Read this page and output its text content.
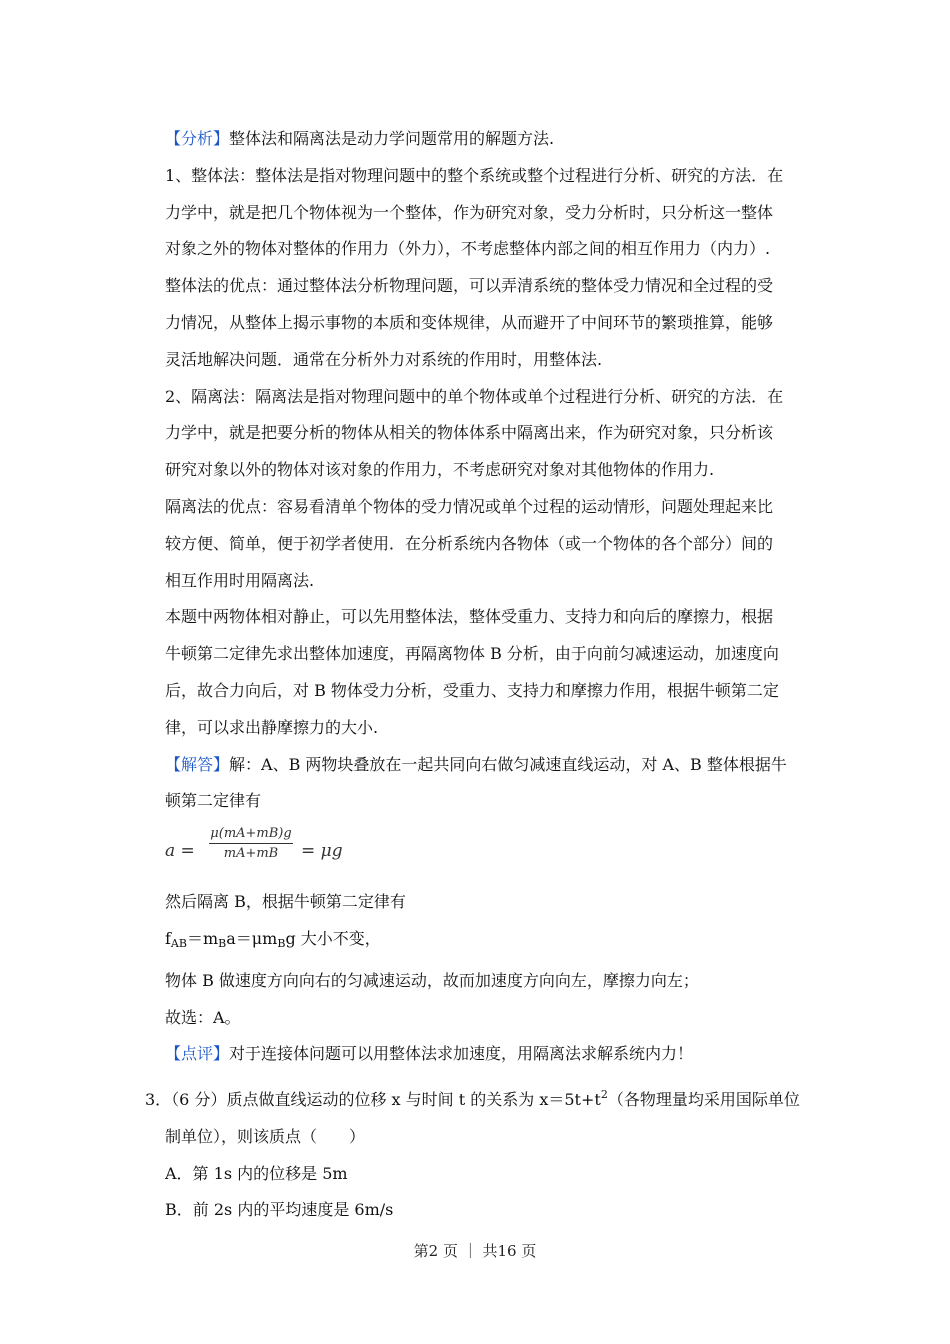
【分析】整体法和隔离法是动力学问题常用的解题方法.

1、整体法：整体法是指对物理问题中的整个系统或整个过程进行分析、研究的方法．在

力学中，就是把几个物体视为一个整体，作为研究对象，受力分析时，只分析这一整体

对象之外的物体对整体的作用力（外力），不考虑整体内部之间的相互作用力（内力）.

整体法的优点：通过整体法分析物理问题，可以弄清系统的整体受力情况和全过程的受

力情况，从整体上揭示事物的本质和变体规律，从而避开了中间环节的繁琐推算，能够

灵活地解决问题．通常在分析外力对系统的作用时，用整体法.

2、隔离法：隔离法是指对物理问题中的单个物体或单个过程进行分析、研究的方法．在

力学中，就是把要分析的物体从相关的物体体系中隔离出来，作为研究对象，只分析该

研究对象以外的物体对该对象的作用力，不考虑研究对象对其他物体的作用力.

隔离法的优点：容易看清单个物体的受力情况或单个过程的运动情形，问题处理起来比

较方便、简单，便于初学者使用．在分析系统内各物体（或一个物体的各个部分）间的

相互作用时用隔离法.

本题中两物体相对静止，可以先用整体法，整体受重力、支持力和向后的摩擦力，根据

牛顿第二定律先求出整体加速度，再隔离物体 B 分析，由于向前匀减速运动，加速度向

后，故合力向后，对 B 物体受力分析，受重力、支持力和摩擦力作用，根据牛顿第二定

律，可以求出静摩擦力的大小.

【解答】解：A、B 两物块叠放在一起共同向右做匀减速直线运动，对 A、B 整体根据牛

顿第二定律有

a =
μ(mA+mB)g
mA+mB	= μg

然后隔离 B，根据牛顿第二定律有

$f_{AB}=m_Ba=\mu m_Bg$ 大小不变，

物体 B 做速度方向向右的匀减速运动，故而加速度方向向左，摩擦力向左；

故选：A。

【点评】对于连接体问题可以用整体法求加速度，用隔离法求解系统内力！

3．（6 分）质点做直线运动的位移 x 与时间 t 的关系为 $x=5t+t^2$（各物理量均采用国际单位

制单位），则该质点（　　）

A．第 1s 内的位移是 5m

B．前 2s 内的平均速度是 6m/s

第2 页 ｜ 共16 页
